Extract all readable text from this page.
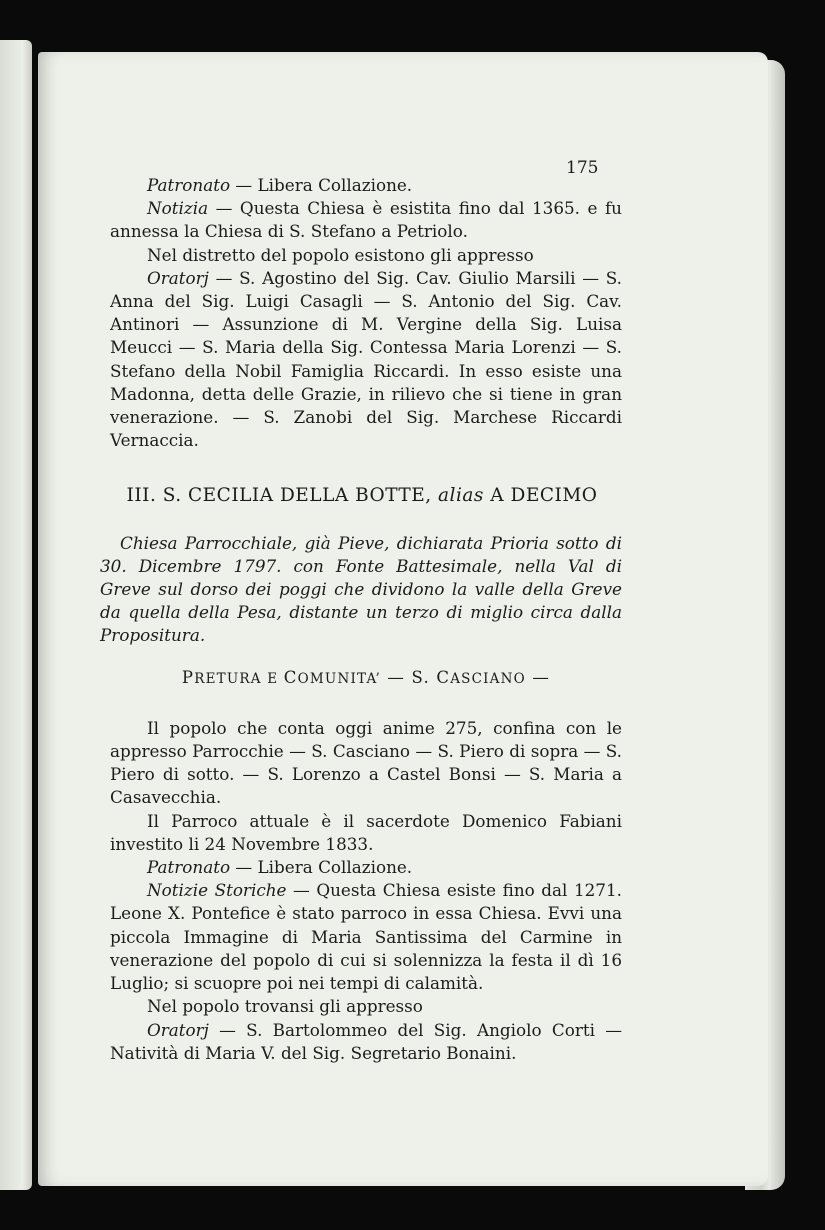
175

Patronato — Libera Collazione.

Notizia — Questa Chiesa è esistita fino dal 1365. e fu annessa la Chiesa di S. Stefano a Petriolo.

Nel distretto del popolo esistono gli appresso

Oratorj — S. Agostino del Sig. Cav. Giulio Marsili — S. Anna del Sig. Luigi Casagli — S. Antonio del Sig. Cav. Antinori — Assunzione di M. Vergine della Sig. Luisa Meucci — S. Maria della Sig. Contessa Maria Lorenzi — S. Stefano della Nobil Famiglia Riccardi. In esso esiste una Madonna, detta delle Grazie, in rilievo che si tiene in gran venerazione. — S. Zanobi del Sig. Marchese Riccardi Vernaccia.

III. S. CECILIA DELLA BOTTE, alias A DECIMO

Chiesa Parrocchiale, già Pieve, dichiarata Prioria sotto di 30. Dicembre 1797. con Fonte Battesimale, nella Val di Greve sul dorso dei poggi che dividono la valle della Greve da quella della Pesa, distante un terzo di miglio circa dalla Propositura.

PRETURA E COMUNITA’ — S. CASCIANO —

Il popolo che conta oggi anime 275, confina con le appresso Parrocchie — S. Casciano — S. Piero di sopra — S. Piero di sotto. — S. Lorenzo a Castel Bonsi — S. Maria a Casavecchia.

Il Parroco attuale è il sacerdote Domenico Fabiani investito li 24 Novembre 1833.

Patronato — Libera Collazione.

Notizie Storiche — Questa Chiesa esiste fino dal 1271. Leone X. Pontefice è stato parroco in essa Chiesa. Evvi una piccola Immagine di Maria Santissima del Carmine in venerazione del popolo di cui si solennizza la festa il dì 16 Luglio; si scuopre poi nei tempi di calamità.

Nel popolo trovansi gli appresso

Oratorj — S. Bartolommeo del Sig. Angiolo Corti — Natività di Maria V. del Sig. Segretario Bonaini.
